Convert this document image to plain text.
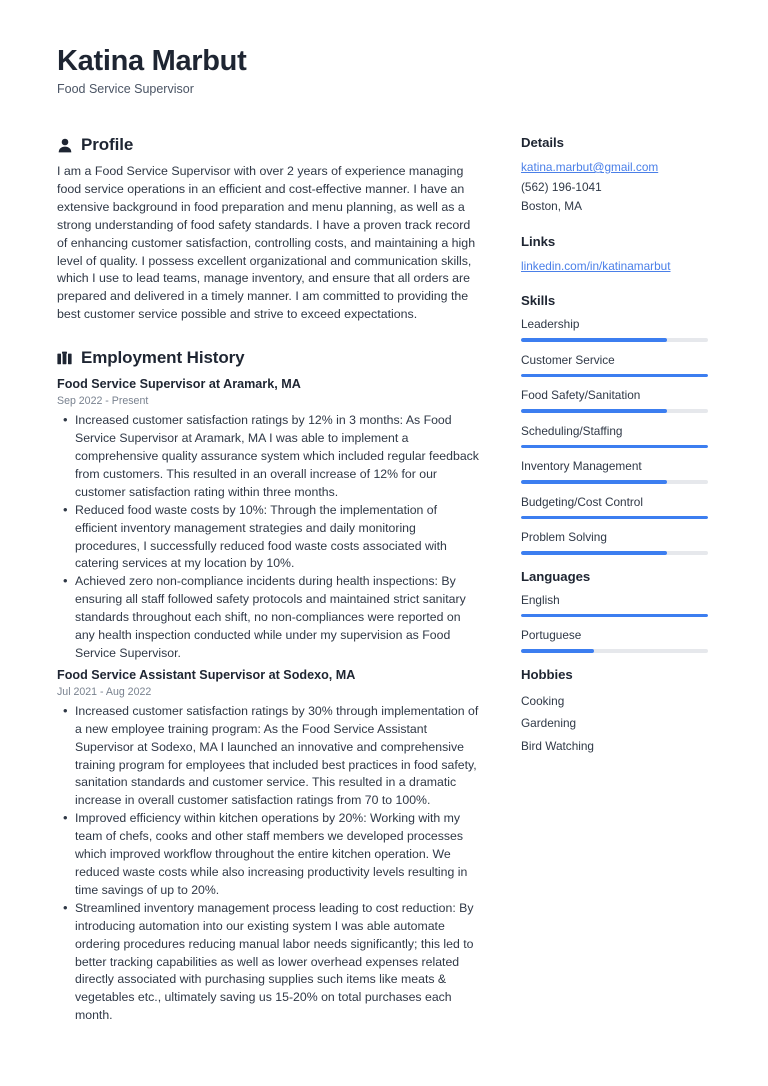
Katina Marbut
Food Service Supervisor
Profile
I am a Food Service Supervisor with over 2 years of experience managing food service operations in an efficient and cost-effective manner. I have an extensive background in food preparation and menu planning, as well as a strong understanding of food safety standards. I have a proven track record of enhancing customer satisfaction, controlling costs, and maintaining a high level of quality. I possess excellent organizational and communication skills, which I use to lead teams, manage inventory, and ensure that all orders are prepared and delivered in a timely manner. I am committed to providing the best customer service possible and strive to exceed expectations.
Employment History
Food Service Supervisor at Aramark, MA
Sep 2022 - Present
• Increased customer satisfaction ratings by 12% in 3 months: As Food Service Supervisor at Aramark, MA I was able to implement a comprehensive quality assurance system which included regular feedback from customers. This resulted in an overall increase of 12% for our customer satisfaction rating within three months.
• Reduced food waste costs by 10%: Through the implementation of efficient inventory management strategies and daily monitoring procedures, I successfully reduced food waste costs associated with catering services at my location by 10%.
• Achieved zero non-compliance incidents during health inspections: By ensuring all staff followed safety protocols and maintained strict sanitary standards throughout each shift, no non-compliances were reported on any health inspection conducted while under my supervision as Food Service Supervisor.
Food Service Assistant Supervisor at Sodexo, MA
Jul 2021 - Aug 2022
• Increased customer satisfaction ratings by 30% through implementation of a new employee training program: As the Food Service Assistant Supervisor at Sodexo, MA I launched an innovative and comprehensive training program for employees that included best practices in food safety, sanitation standards and customer service. This resulted in a dramatic increase in overall customer satisfaction ratings from 70 to 100%.
• Improved efficiency within kitchen operations by 20%: Working with my team of chefs, cooks and other staff members we developed processes which improved workflow throughout the entire kitchen operation. We reduced waste costs while also increasing productivity levels resulting in time savings of up to 20%.
• Streamlined inventory management process leading to cost reduction: By introducing automation into our existing system I was able automate ordering procedures reducing manual labor needs significantly; this led to better tracking capabilities as well as lower overhead expenses related directly associated with purchasing supplies such items like meats & vegetables etc., ultimately saving us 15-20% on total purchases each month.
Details
katina.marbut@gmail.com
(562) 196-1041
Boston, MA
Links
linkedin.com/in/katinamarbut
Skills
Leadership
Customer Service
Food Safety/Sanitation
Scheduling/Staffing
Inventory Management
Budgeting/Cost Control
Problem Solving
Languages
English
Portuguese
Hobbies
Cooking
Gardening
Bird Watching
